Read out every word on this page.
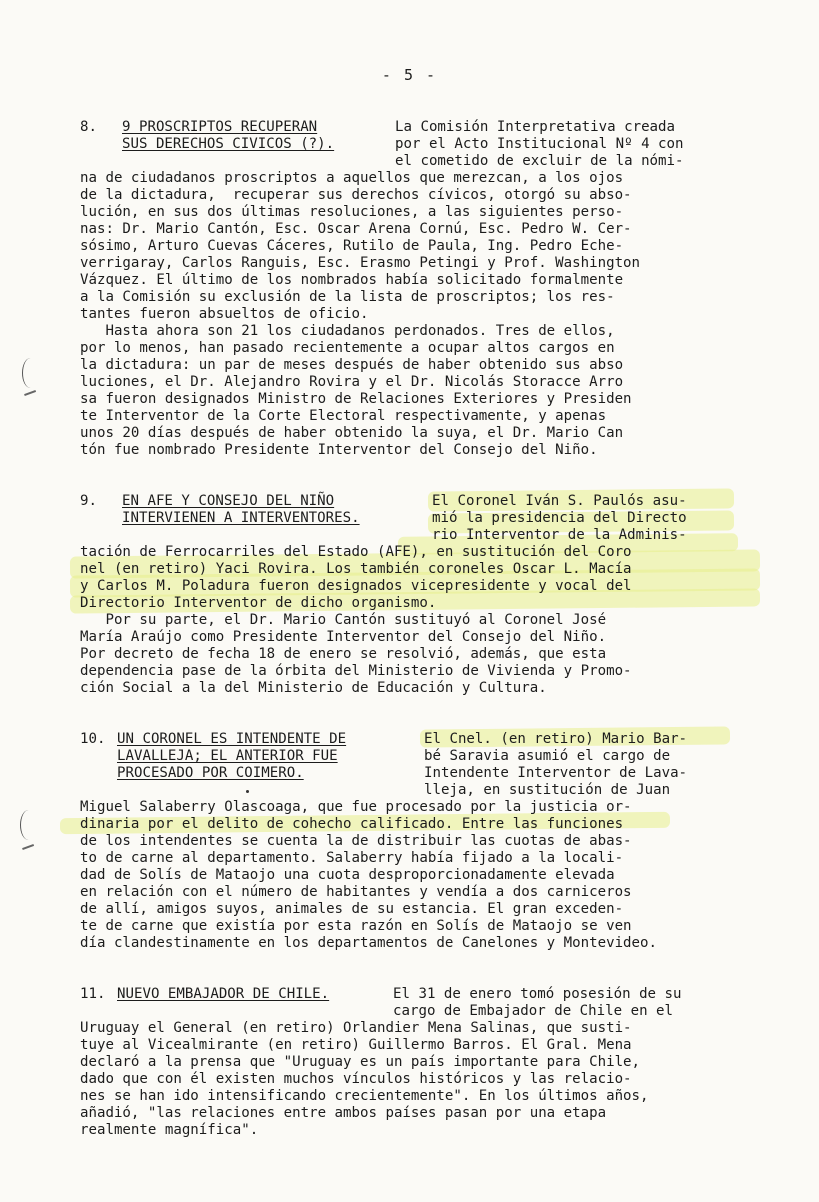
- 5 -
8. 9 PROSCRIPTOS RECUPERAN
SUS DERECHOS CIVICOS (?).
La Comisión Interpretativa creada
por el Acto Institucional Nº 4 con
el cometido de excluir de la nómi-
na de ciudadanos proscriptos a aquellos que merezcan, a los ojos
de la dictadura,  recuperar sus derechos cívicos, otorgó su abso-
lución, en sus dos últimas resoluciones, a las siguientes perso-
nas: Dr. Mario Cantón, Esc. Oscar Arena Cornú, Esc. Pedro W. Cer-
sósimo, Arturo Cuevas Cáceres, Rutilo de Paula, Ing. Pedro Eche-
verrigaray, Carlos Ranguis, Esc. Erasmo Petingi y Prof. Washington
Vázquez. El último de los nombrados había solicitado formalmente
a la Comisión su exclusión de la lista de proscriptos; los res-
tantes fueron absueltos de oficio.
Hasta ahora son 21 los ciudadanos perdonados. Tres de ellos,
por lo menos, han pasado recientemente a ocupar altos cargos en
la dictadura: un par de meses después de haber obtenido sus abso
luciones, el Dr. Alejandro Rovira y el Dr. Nicolás Storacce Arro
sa fueron designados Ministro de Relaciones Exteriores y Presiden
te Interventor de la Corte Electoral respectivamente, y apenas
unos 20 días después de haber obtenido la suya, el Dr. Mario Can
tón fue nombrado Presidente Interventor del Consejo del Niño.
9. EN AFE Y CONSEJO DEL NIÑO
INTERVIENEN A INTERVENTORES.
El Coronel Iván S. Paulós asu-
mió la presidencia del Directo
rio Interventor de la Adminis-
tación de Ferrocarriles del Estado (AFE), en sustitución del Coro
nel (en retiro) Yaci Rovira. Los también coroneles Oscar L. Macía
y Carlos M. Poladura fueron designados vicepresidente y vocal del
Directorio Interventor de dicho organismo.
Por su parte, el Dr. Mario Cantón sustituyó al Coronel José
María Araújo como Presidente Interventor del Consejo del Niño.
Por decreto de fecha 18 de enero se resolvió, además, que esta
dependencia pase de la órbita del Ministerio de Vivienda y Promo-
ción Social a la del Ministerio de Educación y Cultura.
10. UN CORONEL ES INTENDENTE DE
LAVALLEJA; EL ANTERIOR FUE
PROCESADO POR COIMERO.
El Cnel. (en retiro) Mario Bar-
bé Saravia asumió el cargo de
Intendente Interventor de Lava-
lleja, en sustitución de Juan
Miguel Salaberry Olascoaga, que fue procesado por la justicia or-
dinaria por el delito de cohecho calificado. Entre las funciones
de los intendentes se cuenta la de distribuir las cuotas de abas-
to de carne al departamento. Salaberry había fijado a la locali-
dad de Solís de Mataojo una cuota desproporcionadamente elevada
en relación con el número de habitantes y vendía a dos carniceros
de allí, amigos suyos, animales de su estancia. El gran exceden-
te de carne que existía por esta razón en Solís de Mataojo se ven
día clandestinamente en los departamentos de Canelones y Montevideo.
11. NUEVO EMBAJADOR DE CHILE.	El 31 de enero tomó posesión de su
cargo de Embajador de Chile en el
Uruguay el General (en retiro) Orlandier Mena Salinas, que susti-
tuye al Vicealmirante (en retiro) Guillermo Barros. El Gral. Mena
declaró a la prensa que "Uruguay es un país importante para Chile,
dado que con él existen muchos vínculos históricos y las relacio-
nes se han ido intensificando crecientemente". En los últimos años,
añadió, "las relaciones entre ambos países pasan por una etapa
realmente magnífica".
